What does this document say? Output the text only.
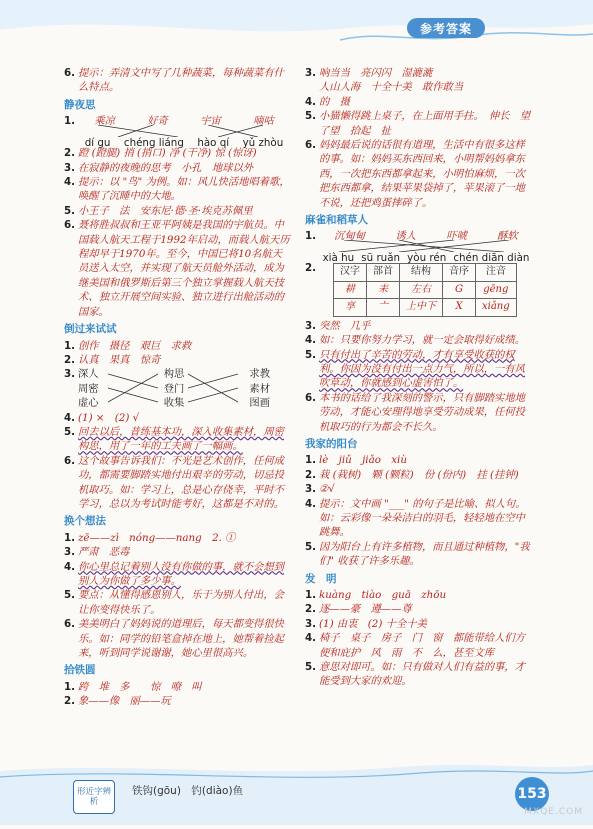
参考答案
6. 提示：弄清文中写了几种蔬菜，每种蔬菜有什么特点。
静夜思
1. 乘凉	好奇	宇宙	嘀咕
dí gu chéng liáng hào qí yǔ zhòu
2. 蹬 (蹬腿) 捎 (捎口) 净 (干净) 惊 (惊讶)
3. 在寂静的夜晚的思考　小孔　地球以外
4. 提示：以 "鸟" 为例。如：风儿快活地唱着歌，唤醒了沉睡中的大地。
5. 小王子　法　安东尼·德·圣·埃克苏佩里
6. 聂将胜叔叔和王亚平阿姨是我国的宇航员。中国载人航天工程于1992年启动，而载人航天历程却早于1970年。至今，中国已将10名航天员送入太空，并实现了航天员舱外活动，成为继美国和俄罗斯后第三个独立掌握载人航天技术、独立开展空间实验、独立进行出舱活动的国家。
倒过来试试
1. 创作　摄径　艰巨　求救
2. 认真　果真　惊奇
3. 深人	构思	求教
周密	登门	素材
虚心	收集	图画
4. (1) ×　(2) √
5. 回去以后，昔练基本功，深入收集素材，周密构思，用了一年的工夫画了一幅画。
6. 这个故事告诉我们：不光是艺术创作，任何成功，都需要脚踏实地付出艰辛的劳动，切忌投机取巧。如：学习上，总是心存侥幸，平时不学习，总以为考试时能考好，这都是不对的。
换个想法
1. zē——zì　nóng——nang　2. ①
3. 严肃　恶毒
4. 你心里总记着别人没有你做的事，就不会想到别人为你做了多少事。
5. 要点：从懂得感恩别人，乐于为别人付出，会让你变得快乐了。
6. 美美明白了妈妈说的道理后，每天都变得很快乐。如：同学的铅笔盒掉在地上，她帮着捡起来，听到同学说谢谢，她心里很高兴。
拾铁圆
1. 跨　堆　多　　惊　嘹　叫
2. 象——像　丽——玩
3. 响当当　亮闪闪　湿漉漉
人山人海　十全十美　敢作敢当
4. 的　摄
5. 小猫懒得跳上桌子，在上面用手拄。　伸长　望了望　拾起　扯
6. 妈妈最后说的话很有道理，生活中有很多这样的事。如：妈妈买东西回来，小明帮妈妈拿东西，一次把东西都拿起来，小明怕麻烦，一次把东西都拿，结果苹果袋掉了，苹果滚了一地不说，还把鸡蛋摔碎了。
麻雀和稻草人
1. 沉甸甸	诱人	吓唬	酥软
xià hu sū ruǎn yòu rén chén diān diàn
2. 汉字	部首	结构	音序	注音
耕	耒	左右	G	gēng
享	亠	上中下	X	xiǎng
3. 突然　几乎
4. 如：只要你努力学习，就一定会取得好成绩。
5. 只有付出了辛苦的劳动，才有享受收获的权利。你因为没有付出一点力气，所以，一有风吹草动，你就感到心虚害怕了。
6. 本书的话给了我深刻的警示，只有脚踏实地地劳动，才能心安理得地享受劳动成果，任何投机取巧的行为都会不长久。
我家的阳台
1. lè　jiǔ　jiǎo　xiù
2. 栽 (栽树)　颗 (颗粒)　份 (份内)　挂 (挂钟)
3. ②√
4. 提示：文中画 "___" 的句子是比喻、拟人句。如：云彩像一朵朵洁白的羽毛，轻轻地在空中跳舞。
5. 因为阳台上有许多植物，而且通过种植物，"我们" 收获了许多乐趣。
发　明
1. kuàng　tiào　guā　zhōu
2. 逐——豪　遵——尊
3. (1) 由衷　(2) 十全十美
4. 椅子　桌子　房子　门　窗　都能带给人们方便和庇护　风　雨　不　么，甚至文库
5. 意思对即可。如：只有做对人们有益的事，才能受到大家的欢迎。
形近字辨析
铁钩(gōu)　钓(diào)鱼	153
MXQE.COM
